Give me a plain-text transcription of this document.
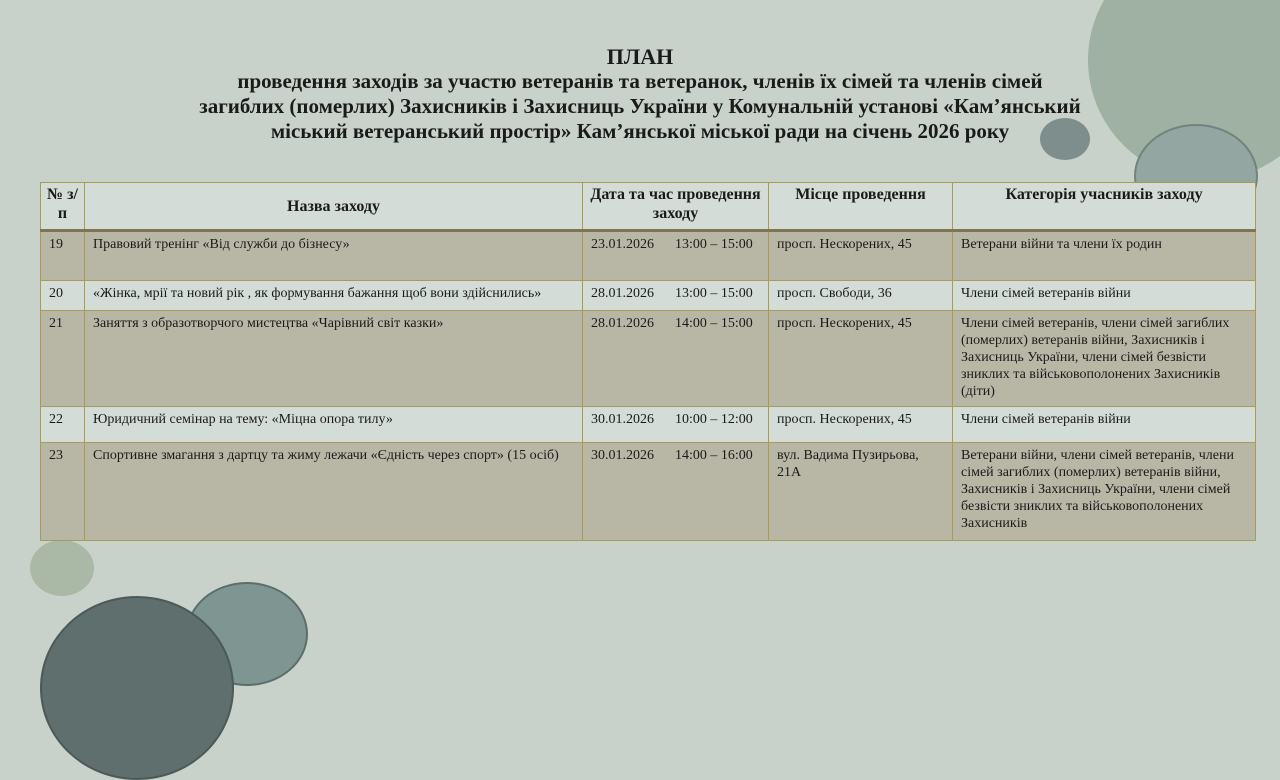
ПЛАН
проведення заходів за участю ветеранів та ветеранок, членів їх сімей та членів сімей
загиблих (померлих) Захисників і Захисниць України у Комунальній установі «Кам’янський
міський ветеранський простір» Кам’янської міської ради на січень 2026 року
№ з/п	Назва заходу	Дата та час проведення заходу	Місце проведення	Категорія учасників заходу
19	Правовий тренінг «Від служби до бізнесу»	23.01.2026 13:00 – 15:00	просп. Нескорених, 45	Ветерани війни та члени їх родин
20	«Жінка, мрії та новий рік , як формування бажання щоб вони здійснились»	28.01.2026 13:00 – 15:00	просп. Свободи, 36	Члени сімей ветеранів війни
21	Заняття з образотворчого мистецтва «Чарівний світ казки»	28.01.2026 14:00 – 15:00	просп. Нескорених, 45	Члени сімей ветеранів, члени сімей загиблих (померлих) ветеранів війни, Захисників і Захисниць України, члени сімей безвісти зниклих та військовополонених Захисників (діти)
22	Юридичний семінар на тему: «Міцна опора тилу»	30.01.2026 10:00 – 12:00	просп. Нескорених, 45	Члени сімей ветеранів війни
23	Спортивне змагання з дартцу та жиму лежачи «Єдність через спорт» (15 осіб)	30.01.2026 14:00 – 16:00	вул. Вадима Пузирьова, 21А	Ветерани війни, члени сімей ветеранів, члени сімей загиблих (померлих) ветеранів війни, Захисників і Захисниць України, члени сімей безвісти зниклих та військовополонених Захисників
